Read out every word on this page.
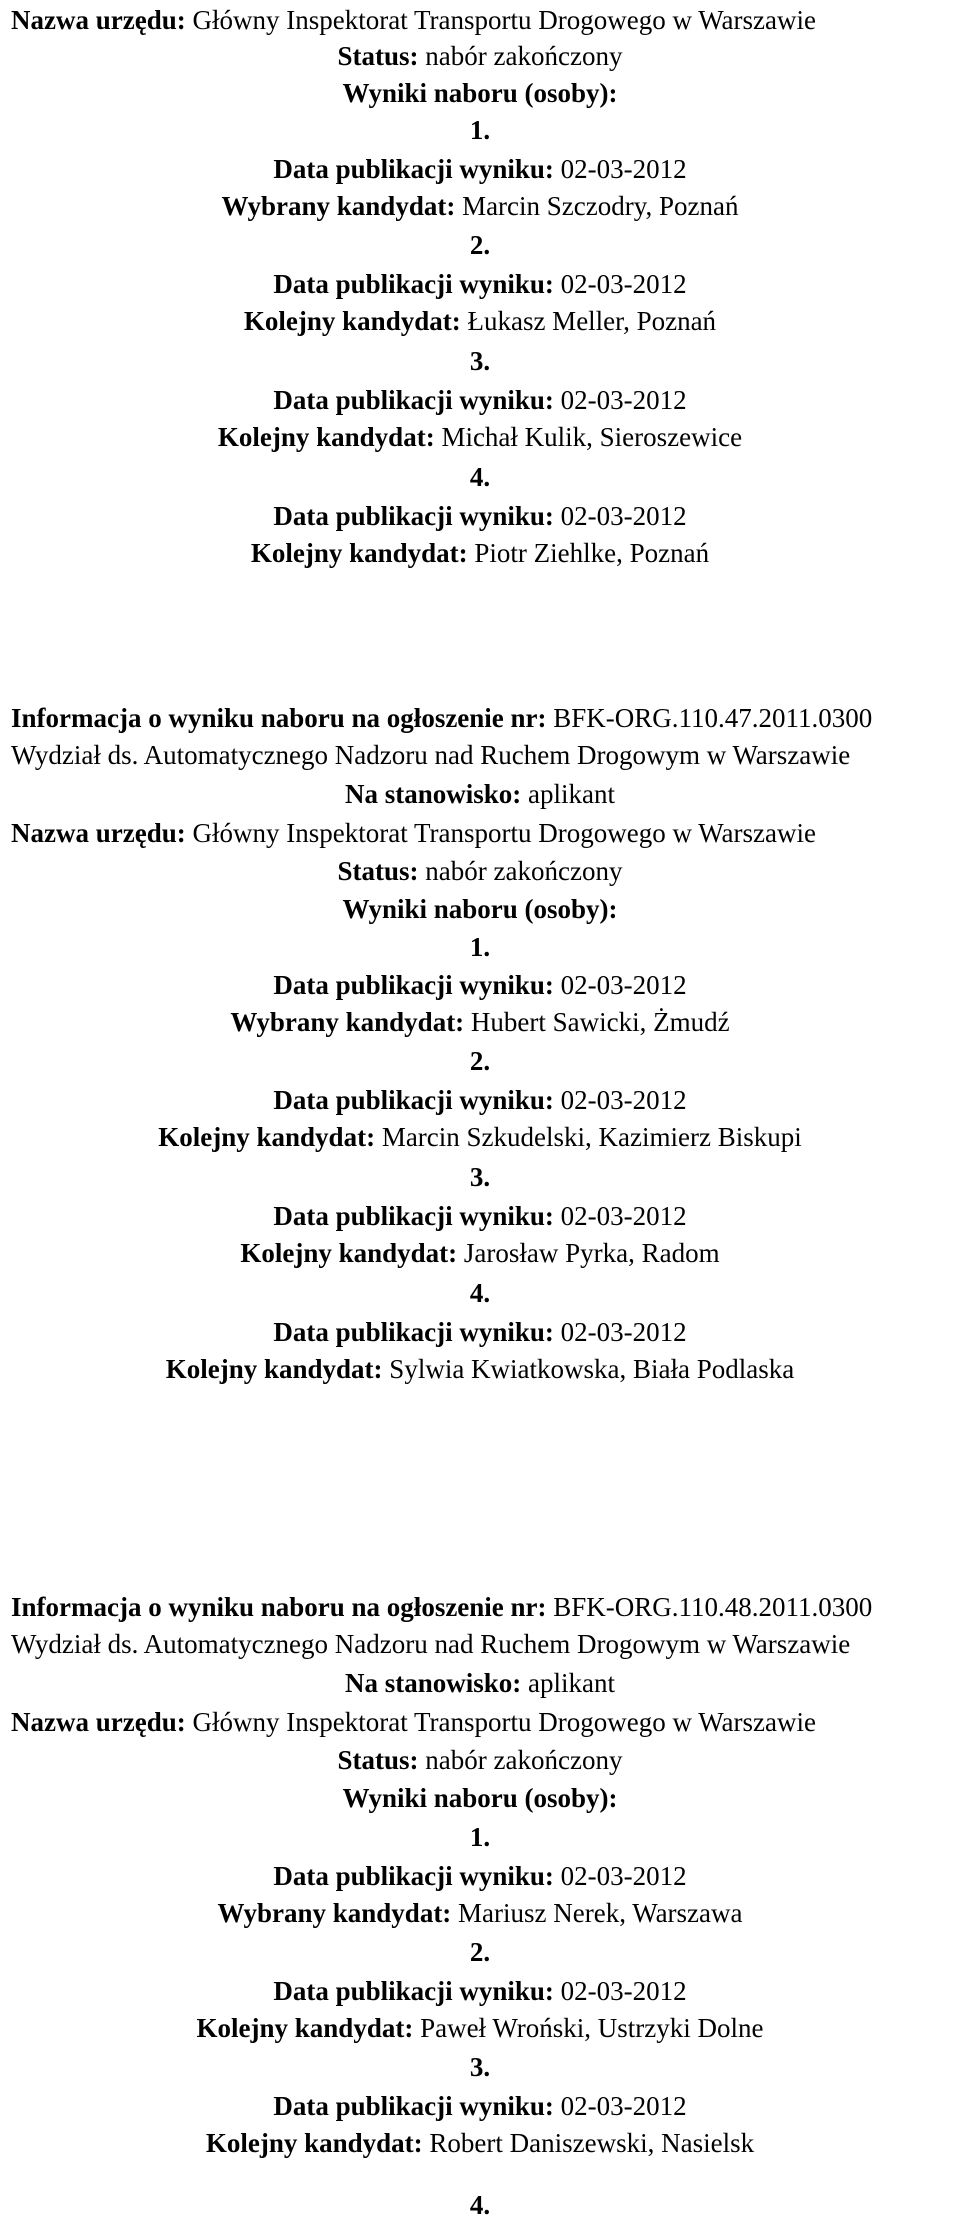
Nazwa urzędu: Główny Inspektorat Transportu Drogowego w Warszawie
Status: nabór zakończony
Wyniki naboru (osoby):
1.
Data publikacji wyniku: 02-03-2012
Wybrany kandydat: Marcin Szczodry, Poznań
2.
Data publikacji wyniku: 02-03-2012
Kolejny kandydat: Łukasz Meller, Poznań
3.
Data publikacji wyniku: 02-03-2012
Kolejny kandydat: Michał Kulik, Sieroszewice
4.
Data publikacji wyniku: 02-03-2012
Kolejny kandydat: Piotr Ziehlke, Poznań
Informacja o wyniku naboru na ogłoszenie nr: BFK-ORG.110.47.2011.0300
Wydział ds. Automatycznego Nadzoru nad Ruchem Drogowym w Warszawie
Na stanowisko: aplikant
Nazwa urzędu: Główny Inspektorat Transportu Drogowego w Warszawie
Status: nabór zakończony
Wyniki naboru (osoby):
1.
Data publikacji wyniku: 02-03-2012
Wybrany kandydat: Hubert Sawicki, Żmudź
2.
Data publikacji wyniku: 02-03-2012
Kolejny kandydat: Marcin Szkudelski, Kazimierz Biskupi
3.
Data publikacji wyniku: 02-03-2012
Kolejny kandydat: Jarosław Pyrka, Radom
4.
Data publikacji wyniku: 02-03-2012
Kolejny kandydat: Sylwia Kwiatkowska, Biała Podlaska
Informacja o wyniku naboru na ogłoszenie nr: BFK-ORG.110.48.2011.0300
Wydział ds. Automatycznego Nadzoru nad Ruchem Drogowym w Warszawie
Na stanowisko: aplikant
Nazwa urzędu: Główny Inspektorat Transportu Drogowego w Warszawie
Status: nabór zakończony
Wyniki naboru (osoby):
1.
Data publikacji wyniku: 02-03-2012
Wybrany kandydat: Mariusz Nerek, Warszawa
2.
Data publikacji wyniku: 02-03-2012
Kolejny kandydat: Paweł Wroński, Ustrzyki Dolne
3.
Data publikacji wyniku: 02-03-2012
Kolejny kandydat: Robert Daniszewski, Nasielsk
4.
